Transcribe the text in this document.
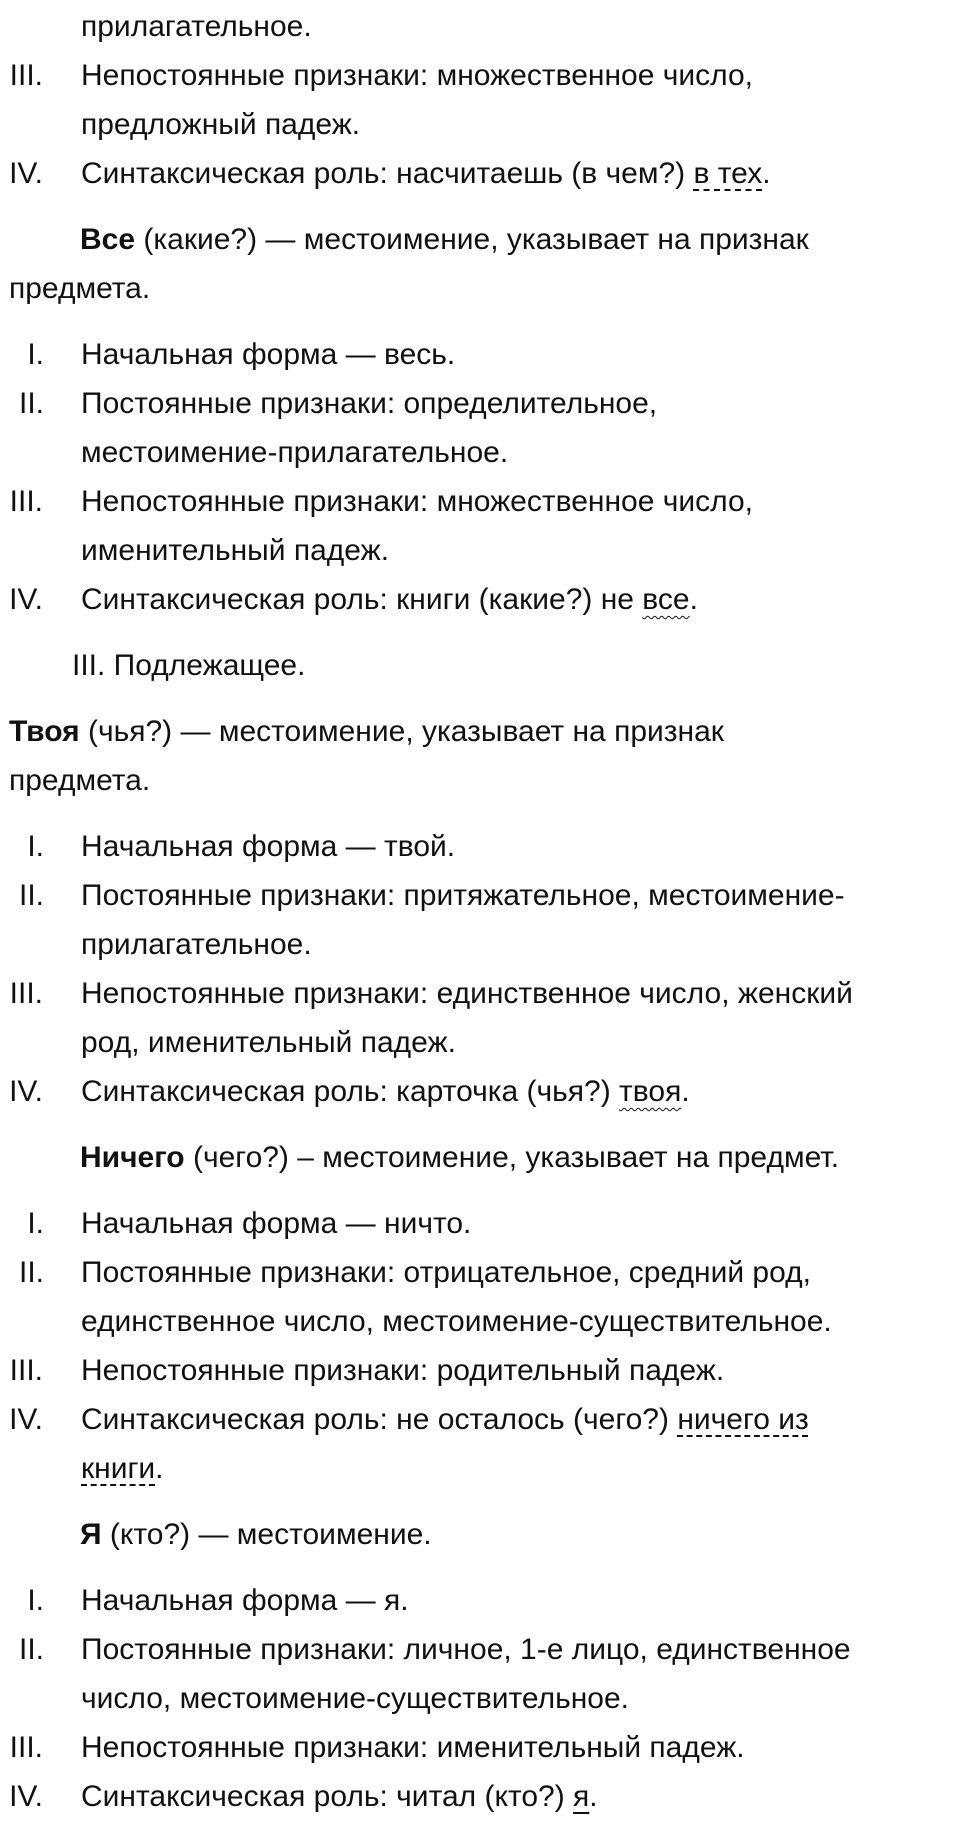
прилагательное.
III. Непостоянные признаки: множественное число,
предложный падеж.
IV. Синтаксическая роль: насчитаешь (в чем?) в тех.
Все (какие?) — местоимение, указывает на признак
предмета.
I. Начальная форма — весь.
II. Постоянные признаки: определительное,
местоимение-прилагательное.
III. Непостоянные признаки: множественное число,
именительный падеж.
IV. Синтаксическая роль: книги (какие?) не все.
III. Подлежащее.
Твоя (чья?) — местоимение, указывает на признак
предмета.
I. Начальная форма — твой.
II. Постоянные признаки: притяжательное, местоимение-
прилагательное.
III. Непостоянные признаки: единственное число, женский
род, именительный падеж.
IV. Синтаксическая роль: карточка (чья?) твоя.
Ничего (чего?) – местоимение, указывает на предмет.
I. Начальная форма — ничто.
II. Постоянные признаки: отрицательное, средний род,
единственное число, местоимение-существительное.
III. Непостоянные признаки: родительный падеж.
IV. Синтаксическая роль: не осталось (чего?) ничего из
книги.
Я (кто?) — местоимение.
I. Начальная форма — я.
II. Постоянные признаки: личное, 1-е лицо, единственное
число, местоимение-существительное.
III. Непостоянные признаки: именительный падеж.
IV. Синтаксическая роль: читал (кто?) я.
